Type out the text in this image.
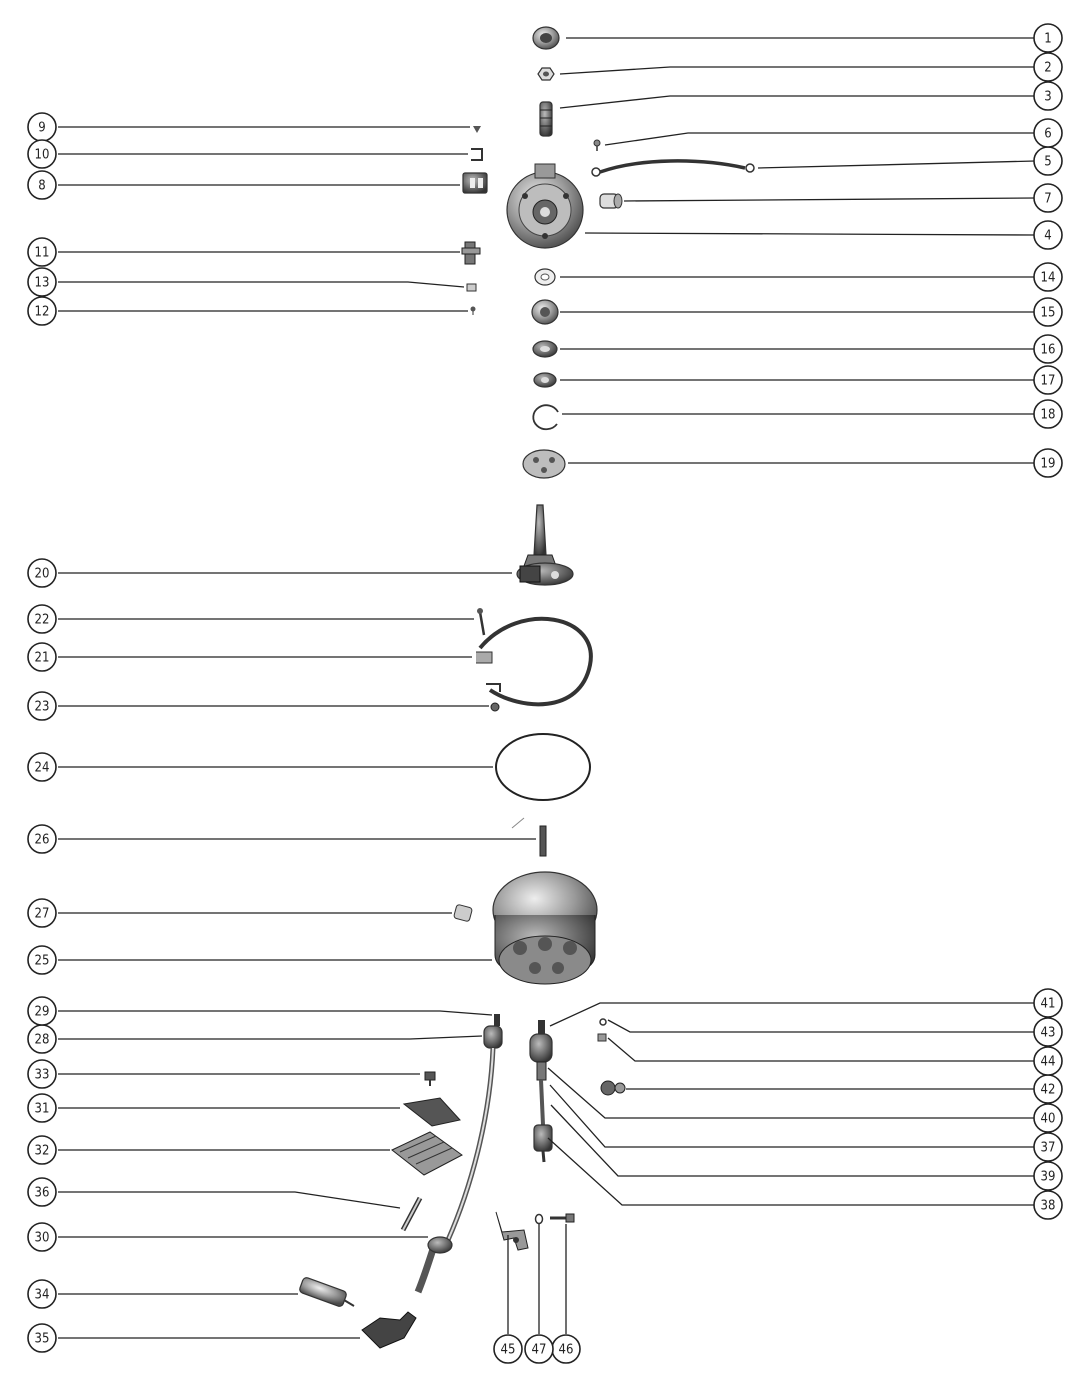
1
2
3
4
5
6
7
8
9
10
11
12
13	14
15
16
17
18
19
20
21
22
23
24
25
26
27
28
29
30
31
32
33
34
35
36
37
38
39
40
41
42
43
44
45	46
47
